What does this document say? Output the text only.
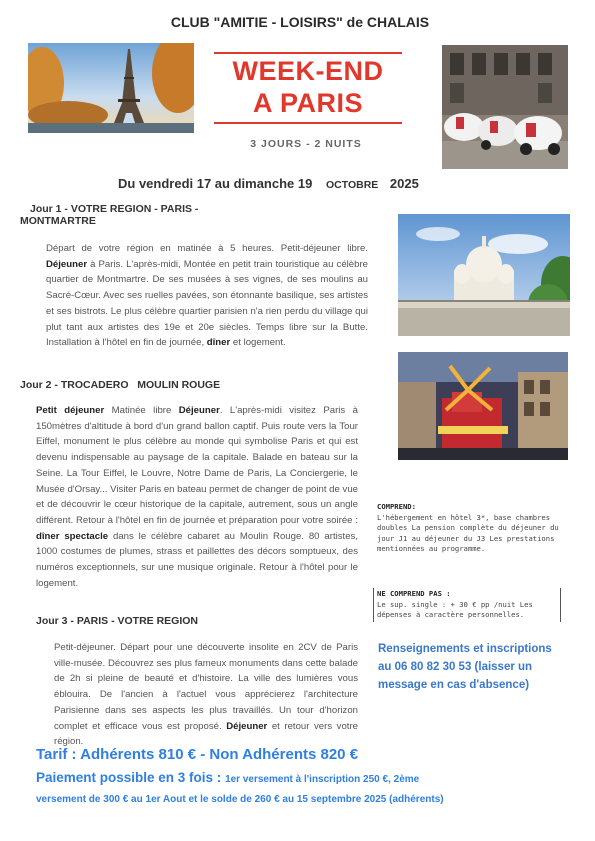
CLUB "AMITIE - LOISIRS" de CHALAIS
WEEK-END
A PARIS
3 JOURS - 2 NUITS
Du vendredi 17 au dimanche 19 OCTOBRE 2025
Jour 1 - VOTRE REGION - PARIS -
MONTMARTRE
Départ de votre région en matinée à 5 heures. Petit-déjeuner libre. Déjeuner à Paris. L'après-midi, Montée en petit train touristique au célèbre quartier de Montmartre. De ses musées à ses vignes, de ses moulins au Sacré-Cœur. Avec ses ruelles pavées, son étonnante basilique, ses artistes et ses bistrots. Le plus célèbre quartier parisien n'a rien perdu du village qui plut tant aux artistes des 19e et 20e siècles. Temps libre sur la Butte. Installation à l'hôtel en fin de journée, dîner et logement.
Jour 2 - TROCADERO   MOULIN ROUGE
Petit déjeuner Matinée libre Déjeuner. L'après-midi visitez Paris à 150mètres d'altitude à bord d'un grand ballon captif. Puis route vers la Tour Eiffel, monument le plus célèbre au monde qui symbolise Paris et qui est devenu indispensable au paysage de la capitale. Balade en bateau sur la Seine. La Tour Eiffel, le Louvre, Notre Dame de Paris, La Conciergerie, le Musée d'Orsay... Visiter Paris en bateau permet de changer de point de vue et de découvrir le cœur historique de la capitale, autrement, sous un angle différent. Retour à l'hôtel en fin de journée et préparation pour votre soirée : dîner spectacle dans le célèbre cabaret au Moulin Rouge. 80 artistes, 1000 costumes de plumes, strass et paillettes des décors somptueux, des numéros exceptionnels, sur une musique originale. Retour à l'hôtel pour le logement.
COMPREND:
L'hébergement en hôtel 3*, base chambres doubles La pension complète du déjeuner du jour J1 au déjeuner du J3 Les prestations mentionnées au programme.
NE COMPREND PAS :
Le sup. single : + 30 € pp /nuit Les dépenses à caractère personnelles.
Jour 3 - PARIS - VOTRE REGION
Petit-déjeuner. Départ pour une découverte insolite en 2CV de Paris ville-musée. Découvrez ses plus fameux monuments dans cette balade de 2h si pleine de beauté et d'histoire. La ville des lumières vous éblouira. De l'ancien à l'actuel vous apprécierez l'architecture Parisienne dans ses aspects les plus travaillés. Un tour d'horizon complet et efficace vous est proposé. Déjeuner et retour vers votre région.
Renseignements et inscriptions au 06 80 82 30 53 (laisser un message en cas d'absence)
Tarif : Adhérents 810 € - Non Adhérents 820 €
Paiement possible en 3 fois : 1er versement à l'inscription 250 €, 2ème
versement de 300 € au 1er Aout et le solde de 260 € au 15 septembre 2025 (adhérents)
